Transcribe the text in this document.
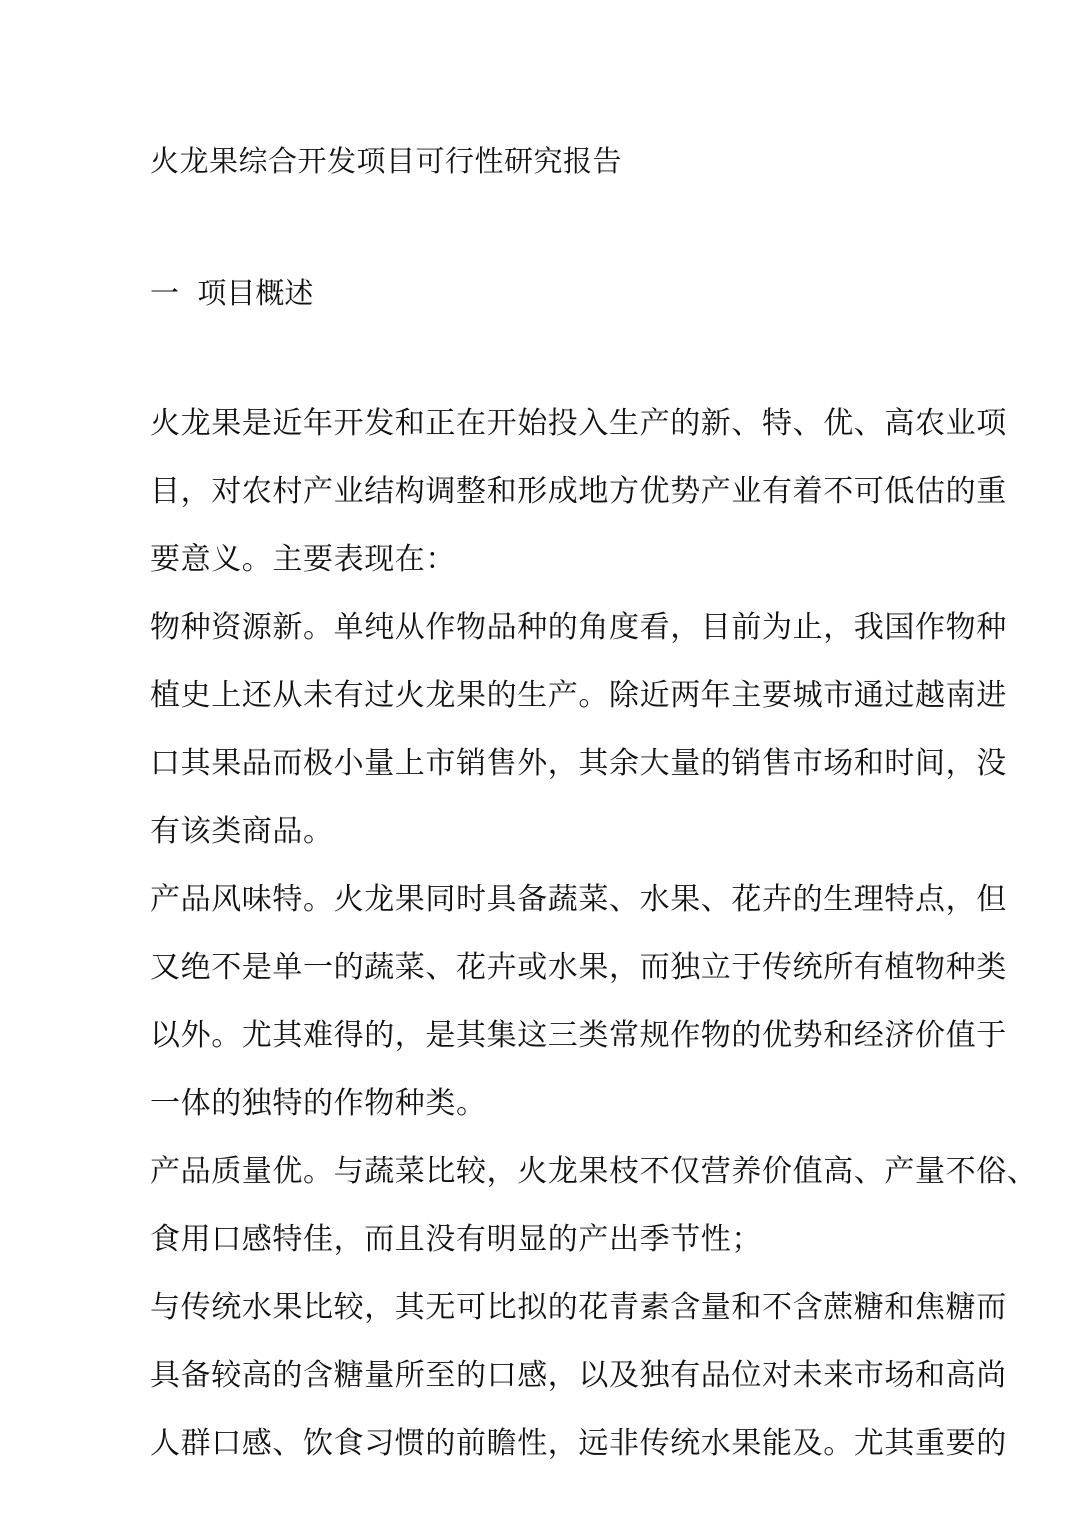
火龙果综合开发项目可行性研究报告
一  项目概述
火龙果是近年开发和正在开始投入生产的新、特、优、高农业项
目，对农村产业结构调整和形成地方优势产业有着不可低估的重
要意义。主要表现在：
物种资源新。单纯从作物品种的角度看，目前为止，我国作物种
植史上还从未有过火龙果的生产。除近两年主要城市通过越南进
口其果品而极小量上市销售外，其余大量的销售市场和时间，没
有该类商品。
产品风味特。火龙果同时具备蔬菜、水果、花卉的生理特点，但
又绝不是单一的蔬菜、花卉或水果，而独立于传统所有植物种类
以外。尤其难得的，是其集这三类常规作物的优势和经济价值于
一体的独特的作物种类。
产品质量优。与蔬菜比较，火龙果枝不仅营养价值高、产量不俗、
食用口感特佳，而且没有明显的产出季节性；
与传统水果比较，其无可比拟的花青素含量和不含蔗糖和焦糖而
具备较高的含糖量所至的口感，以及独有品位对未来市场和高尚
人群口感、饮食习惯的前瞻性，远非传统水果能及。尤其重要的
